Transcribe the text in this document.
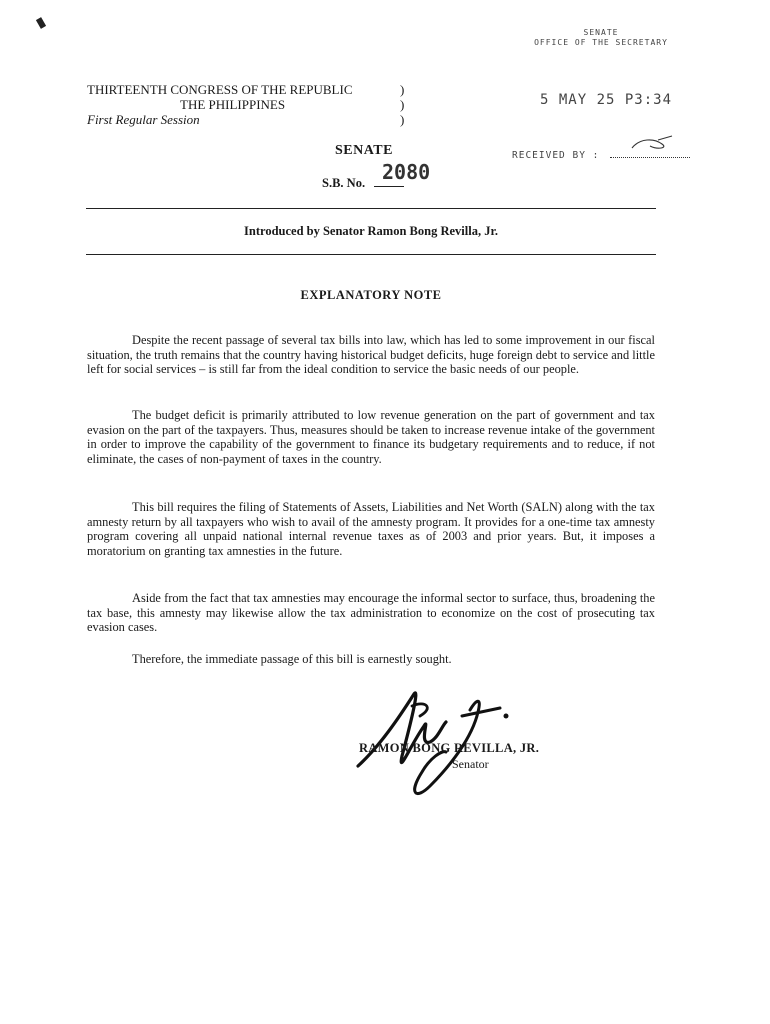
SENATE
OFFICE OF THE SECRETARY
5 MAY 25 P3:34
RECEIVED BY :
THIRTEENTH CONGRESS OF THE REPUBLIC
THE PHILIPPINES
First Regular Session
)
)
)
SENATE
2080
S.B. No.
Introduced by Senator Ramon Bong Revilla, Jr.
EXPLANATORY NOTE

Despite the recent passage of several tax bills into law, which has led to some improvement in our fiscal situation, the truth remains that the country having historical budget deficits, huge foreign debt to service and little left for social services – is still far from the ideal condition to service the basic needs of our people.

The budget deficit is primarily attributed to low revenue generation on the part of government and tax evasion on the part of the taxpayers. Thus, measures should be taken to increase revenue intake of the government in order to improve the capability of the government to finance its budgetary requirements and to reduce, if not eliminate, the cases of non-payment of taxes in the country.

This bill requires the filing of Statements of Assets, Liabilities and Net Worth (SALN) along with the tax amnesty return by all taxpayers who wish to avail of the amnesty program. It provides for a one-time tax amnesty program covering all unpaid national internal revenue taxes as of 2003 and prior years. But, it imposes a moratorium on granting tax amnesties in the future.

Aside from the fact that tax amnesties may encourage the informal sector to surface, thus, broadening the tax base, this amnesty may likewise allow the tax administration to economize on the cost of prosecuting tax evasion cases.

Therefore, the immediate passage of this bill is earnestly sought.

RAMON BONG REVILLA, JR.
Senator
